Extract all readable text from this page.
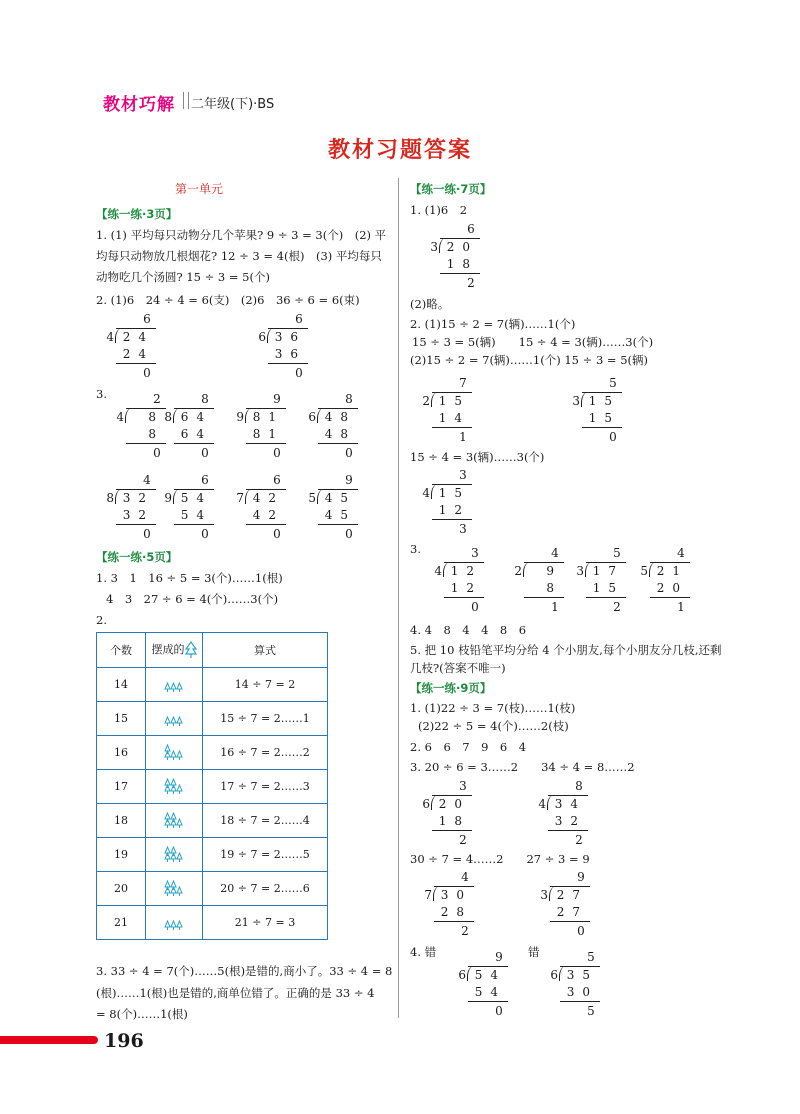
教材巧解 二年级(下)·BS
教材习题答案
第一单元
【练一练·3页】
1. (1) 平均每只动物分几个苹果? 9 ÷ 3 = 3(个)　(2) 平
均每只动物放几根烟花? 12 ÷ 3 = 4(根)　(3) 平均每只
动物吃几个汤圆? 15 ÷ 3 = 5(个)
2. (1)6　24 ÷ 4 = 6(支)　(2)6　36 ÷ 6 = 6(束)
6
4 24
24
0
6
6 36
36
0
3.	2
4	8
8
0
8
8 64
64
0
9
9 81
81
0
8
6 48
48
0
4
8 32
32
0
6
9 54
54
0
6
7 42
42
0
9
5 45
45
0
【练一练·5页】
1. 3　1　16 ÷ 5 = 3(个)……1(根)
4　3　27 ÷ 6 = 4(个)……3(个)
2.
个数	摆成的	算式
14		14 ÷ 7 = 2
15		15 ÷ 7 = 2……1
16		16 ÷ 7 = 2……2
17		17 ÷ 7 = 2……3
18		18 ÷ 7 = 2……4
19		19 ÷ 7 = 2……5
20		20 ÷ 7 = 2……6
21		21 ÷ 7 = 3
3. 33 ÷ 4 = 7(个)……5(根)是错的,商小了。33 ÷ 4 = 8
(根)……1(根)也是错的,商单位错了。正确的是 33 ÷ 4
= 8(个)……1(根)
【练一练·7页】
1. (1)6　2
6
3 20
18
2
(2)略。
2. (1)15 ÷ 2 = 7(辆)……1(个)
15 ÷ 3 = 5(辆)　　15 ÷ 4 = 3(辆)……3(个)
(2)15 ÷ 2 = 7(辆)……1(个) 15 ÷ 3 = 5(辆)
7
2 15
14
1
5
3 15
15
0
15 ÷ 4 = 3(辆)……3(个)
3
4 15
12
3
3.	3
4 12
12
0
4
2	9
8
1
5
3 17
15
2
4
5 21
20
1
4. 4　8　4　4　8　6
5. 把 10 枝铅笔平均分给 4 个小朋友,每个小朋友分几枝,还剩
几枝?(答案不唯一)
【练一练·9页】
1. (1)22 ÷ 3 = 7(枝)……1(枝)
(2)22 ÷ 5 = 4(个)……2(枝)
2. 6　6　7　9　6　4
3. 20 ÷ 6 = 3……2　　34 ÷ 4 = 8……2
3
6 20
18
2
8
4 34
32
2
30 ÷ 7 = 4……2　　27 ÷ 3 = 9
4
7 30
28
2
9
3 27
27
0
4. 错	错
9
6 54
54
0
5
6 35
30
5
196
